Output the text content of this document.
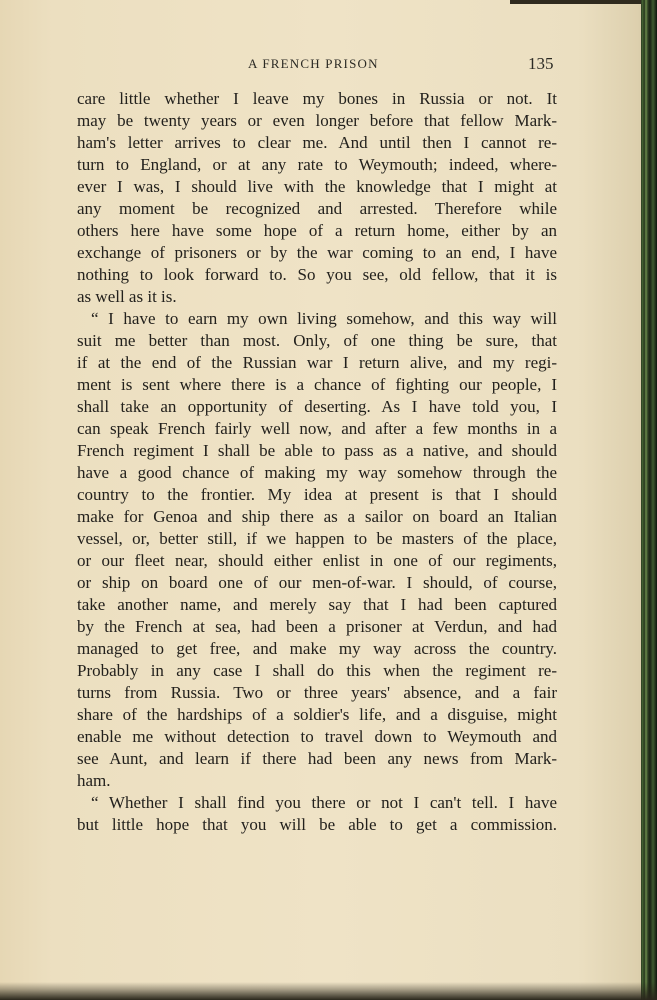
A FRENCH PRISON	135
care little whether I leave my bones in Russia or not. It
may be twenty years or even longer before that fellow Mark-
ham's letter arrives to clear me. And until then I cannot re-
turn to England, or at any rate to Weymouth; indeed, where-
ever I was, I should live with the knowledge that I might at
any moment be recognized and arrested. Therefore while
others here have some hope of a return home, either by an
exchange of prisoners or by the war coming to an end, I have
nothing to look forward to. So you see, old fellow, that it is
as well as it is.
“ I have to earn my own living somehow, and this way will
suit me better than most. Only, of one thing be sure, that
if at the end of the Russian war I return alive, and my regi-
ment is sent where there is a chance of fighting our people, I
shall take an opportunity of deserting. As I have told you, I
can speak French fairly well now, and after a few months in a
French regiment I shall be able to pass as a native, and should
have a good chance of making my way somehow through the
country to the frontier. My idea at present is that I should
make for Genoa and ship there as a sailor on board an Italian
vessel, or, better still, if we happen to be masters of the place,
or our fleet near, should either enlist in one of our regiments,
or ship on board one of our men-of-war. I should, of course,
take another name, and merely say that I had been captured
by the French at sea, had been a prisoner at Verdun, and had
managed to get free, and make my way across the country.
Probably in any case I shall do this when the regiment re-
turns from Russia. Two or three years' absence, and a fair
share of the hardships of a soldier's life, and a disguise, might
enable me without detection to travel down to Weymouth and
see Aunt, and learn if there had been any news from Mark-
ham.
“ Whether I shall find you there or not I can't tell. I have
but little hope that you will be able to get a commission.
